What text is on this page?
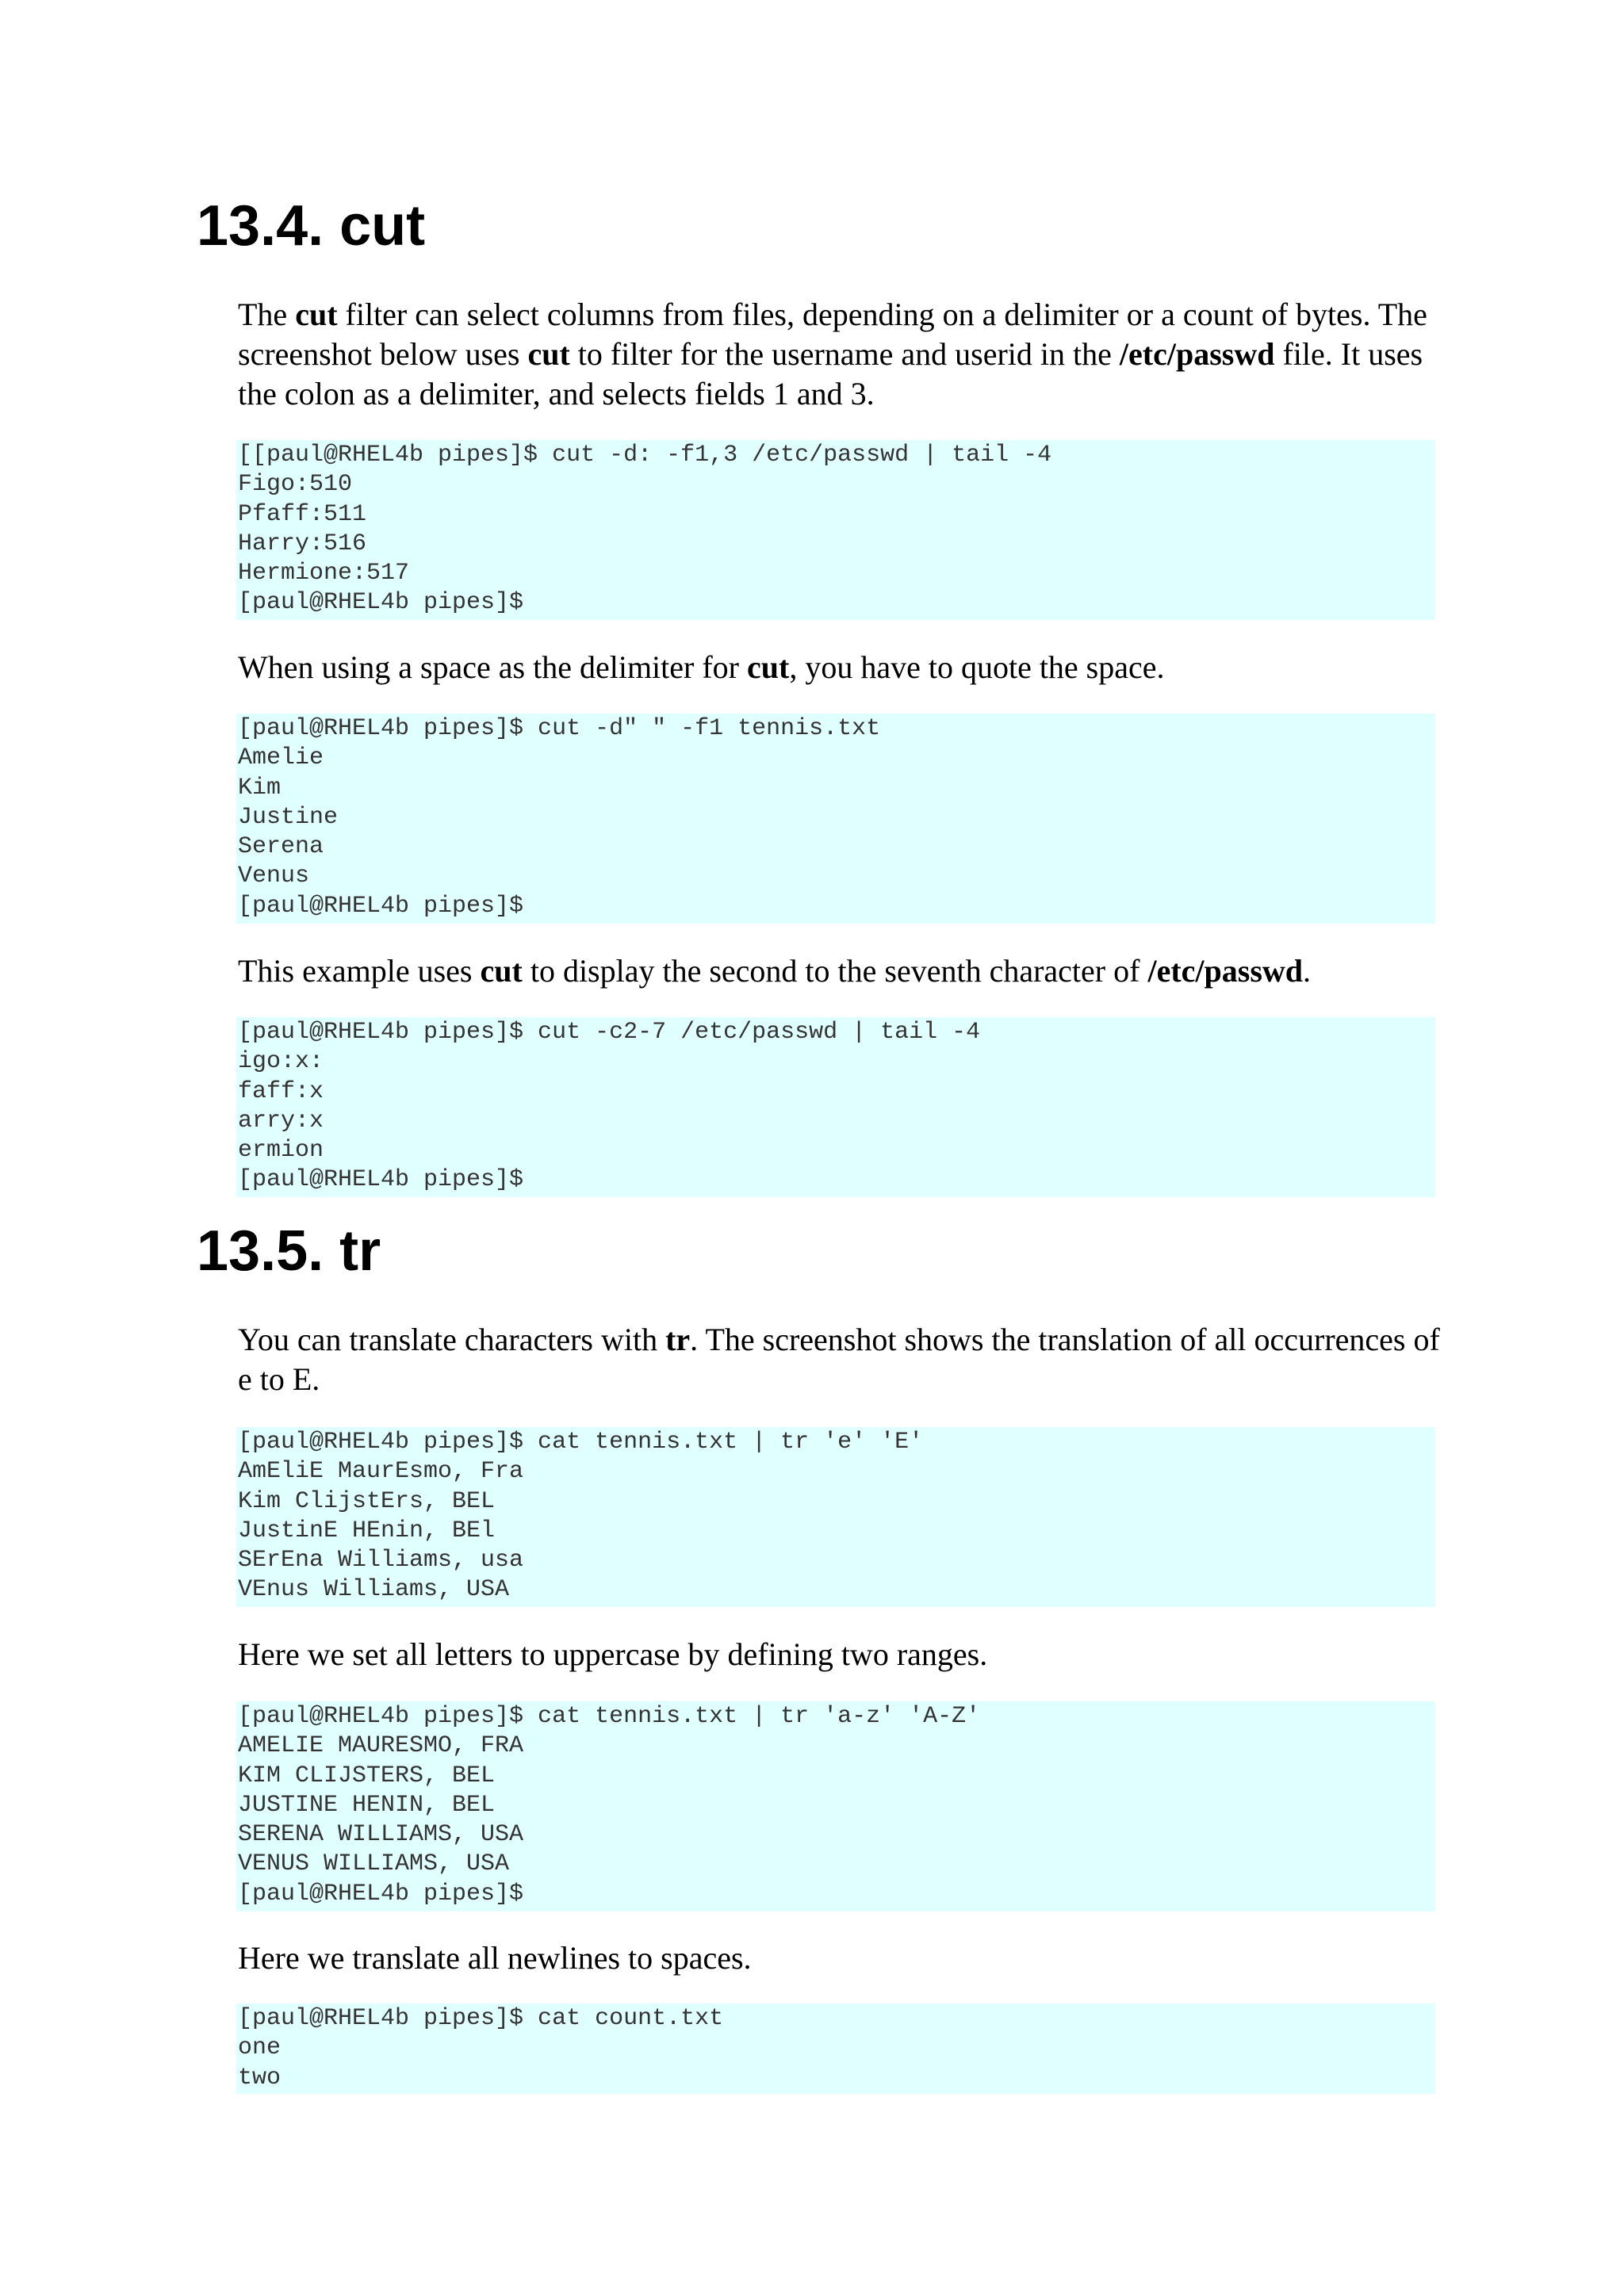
13.4. cut

The cut filter can select columns from files, depending on a delimiter or a count of bytes. The screenshot below uses cut to filter for the username and userid in the /etc/passwd file. It uses the colon as a delimiter, and selects fields 1 and 3.

[[paul@RHEL4b pipes]$ cut -d: -f1,3 /etc/passwd | tail -4
Figo:510
Pfaff:511
Harry:516
Hermione:517
[paul@RHEL4b pipes]$

When using a space as the delimiter for cut, you have to quote the space.

[paul@RHEL4b pipes]$ cut -d" " -f1 tennis.txt
Amelie
Kim
Justine
Serena
Venus
[paul@RHEL4b pipes]$

This example uses cut to display the second to the seventh character of /etc/passwd.

[paul@RHEL4b pipes]$ cut -c2-7 /etc/passwd | tail -4
igo:x:
faff:x
arry:x
ermion
[paul@RHEL4b pipes]$
13.5. tr

You can translate characters with tr. The screenshot shows the translation of all occurrences of e to E.

[paul@RHEL4b pipes]$ cat tennis.txt | tr 'e' 'E'
AmEliE MaurEsmo, Fra
Kim ClijstErs, BEL
JustinE HEnin, BEl
SErEna Williams, usa
VEnus Williams, USA

Here we set all letters to uppercase by defining two ranges.

[paul@RHEL4b pipes]$ cat tennis.txt | tr 'a-z' 'A-Z'
AMELIE MAURESMO, FRA
KIM CLIJSTERS, BEL
JUSTINE HENIN, BEL
SERENA WILLIAMS, USA
VENUS WILLIAMS, USA
[paul@RHEL4b pipes]$

Here we translate all newlines to spaces.

[paul@RHEL4b pipes]$ cat count.txt
one
two
